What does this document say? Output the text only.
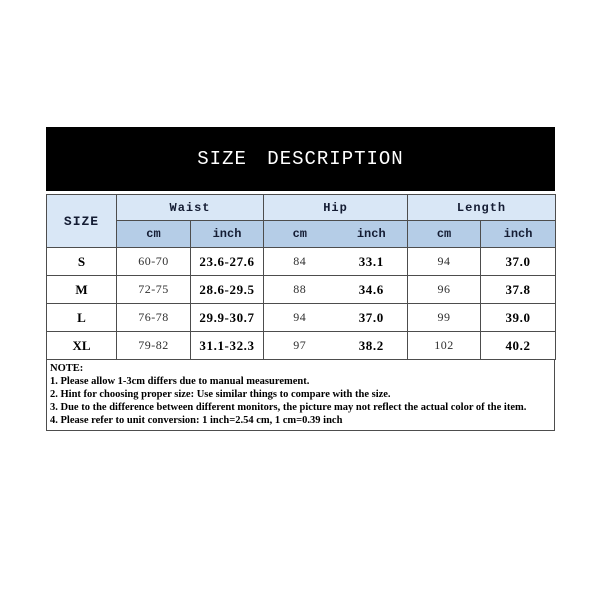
SIZE DESCRIPTION
SIZE	Waist		Hip		Length	
	cm	inch	cm	inch	cm	inch
S	60-70	23.6-27.6	84	33.1	94	37.0
M	72-75	28.6-29.5	88	34.6	96	37.8
L	76-78	29.9-30.7	94	37.0	99	39.0
XL	79-82	31.1-32.3	97	38.2	102	40.2
NOTE:
1. Please allow 1-3cm differs due to manual measurement.
2. Hint for choosing proper size: Use similar things to compare with the size.
3. Due to the difference between different monitors, the picture may not reflect the actual color of the item.
4. Please refer to unit conversion: 1 inch=2.54 cm, 1 cm=0.39 inch
